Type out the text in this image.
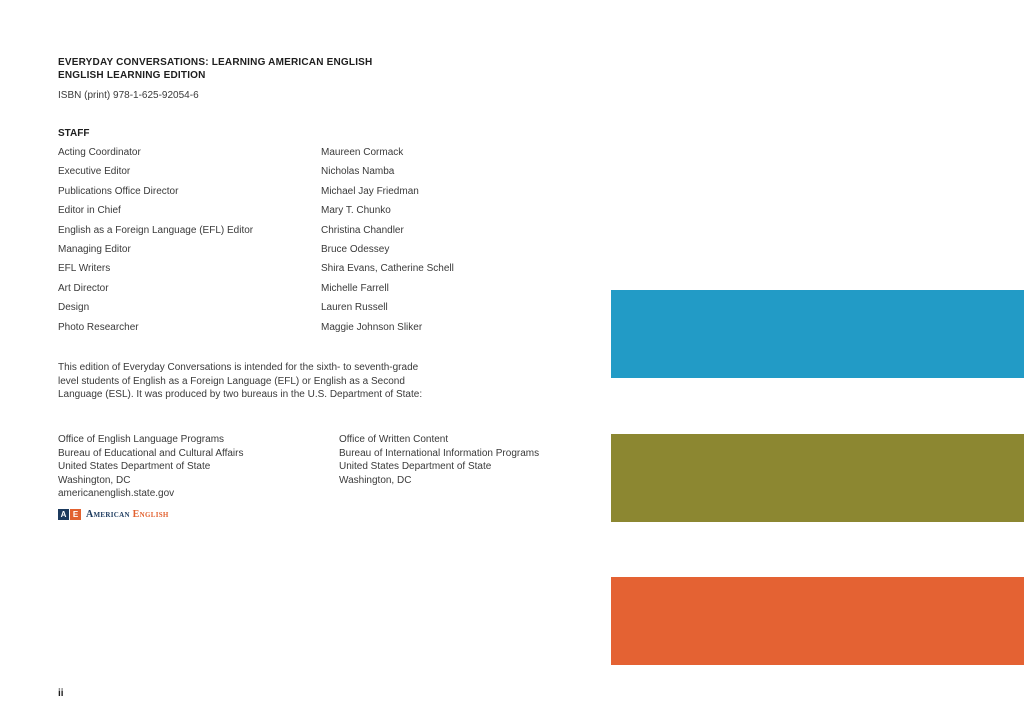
EVERYDAY CONVERSATIONS: LEARNING AMERICAN ENGLISH
ENGLISH LEARNING EDITION
ISBN (print) 978-1-625-92054-6
STAFF
Acting Coordinator	Maureen Cormack
Executive Editor	Nicholas Namba
Publications Office Director	Michael Jay Friedman
Editor in Chief	Mary T. Chunko
English as a Foreign Language (EFL) Editor	Christina Chandler
Managing Editor	Bruce Odessey
EFL Writers	Shira Evans, Catherine Schell
Art Director	Michelle Farrell
Design	Lauren Russell
Photo Researcher	Maggie Johnson Sliker
This edition of Everyday Conversations is intended for the sixth- to seventh-grade
level students of English as a Foreign Language (EFL) or English as a Second
Language (ESL). It was produced by two bureaus in the U.S. Department of State:
Office of English Language Programs
Bureau of Educational and Cultural Affairs
United States Department of State
Washington, DC
americanenglish.state.gov
Office of Written Content
Bureau of International Information Programs
United States Department of State
Washington, DC
A E American English
ii
